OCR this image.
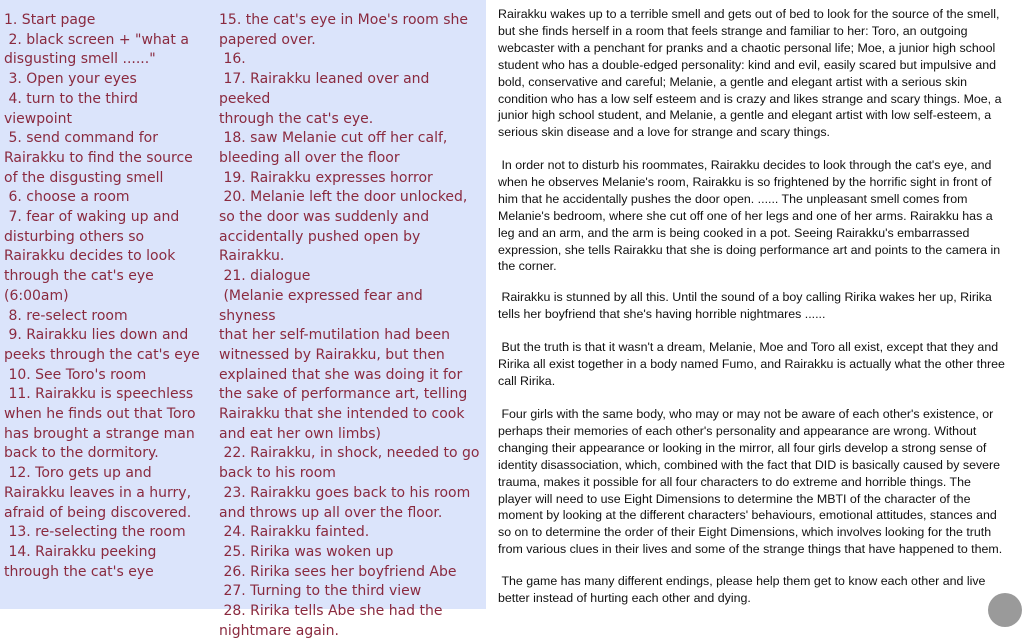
1. Start page
2. black screen + "what a
disgusting smell ......"
3. Open your eyes
4. turn to the third
viewpoint
5. send command for
Rairakku to find the source
of the disgusting smell
6. choose a room
7. fear of waking up and
disturbing others so
Rairakku decides to look
through the cat's eye
(6:00am)
8. re-select room
9. Rairakku lies down and
peeks through the cat's eye
10. See Toro's room
11. Rairakku is speechless
when he finds out that Toro
has brought a strange man
back to the dormitory.
12. Toro gets up and
Rairakku leaves in a hurry,
afraid of being discovered.
13. re-selecting the room
14. Rairakku peeking
through the cat's eye
15. the cat's eye in Moe's room she
papered over.
16.
17. Rairakku leaned over and peeked
through the cat's eye.
18. saw Melanie cut off her calf,
bleeding all over the floor
19. Rairakku expresses horror
20. Melanie left the door unlocked,
so the door was suddenly and
accidentally pushed open by
Rairakku.
21. dialogue
(Melanie expressed fear and shyness
that her self-mutilation had been
witnessed by Rairakku, but then
explained that she was doing it for
the sake of performance art, telling
Rairakku that she intended to cook
and eat her own limbs)
22. Rairakku, in shock, needed to go
back to his room
23. Rairakku goes back to his room
and throws up all over the floor.
24. Rairakku fainted.
25. Ririka was woken up
26. Ririka sees her boyfriend Abe
27. Turning to the third view
28. Ririka tells Abe she had the
nightmare again.
Rairakku wakes up to a terrible smell and gets out of bed to look for the source of the smell,
but she finds herself in a room that feels strange and familiar to her: Toro, an outgoing
webcaster with a penchant for pranks and a chaotic personal life; Moe, a junior high school
student who has a double-edged personality: kind and evil, easily scared but impulsive and
bold, conservative and careful; Melanie, a gentle and elegant artist with a serious skin
condition who has a low self esteem and is crazy and likes strange and scary things. Moe, a
junior high school student, and Melanie, a gentle and elegant artist with low self-esteem, a
serious skin disease and a love for strange and scary things.
In order not to disturb his roommates, Rairakku decides to look through the cat's eye, and
when he observes Melanie's room, Rairakku is so frightened by the horrific sight in front of
him that he accidentally pushes the door open. ...... The unpleasant smell comes from
Melanie's bedroom, where she cut off one of her legs and one of her arms. Rairakku has a
leg and an arm, and the arm is being cooked in a pot. Seeing Rairakku's embarrassed
expression, she tells Rairakku that she is doing performance art and points to the camera in
the corner.
Rairakku is stunned by all this. Until the sound of a boy calling Ririka wakes her up, Ririka
tells her boyfriend that she's having horrible nightmares ......
But the truth is that it wasn't a dream, Melanie, Moe and Toro all exist, except that they and
Ririka all exist together in a body named Fumo, and Rairakku is actually what the other three
call Ririka.
Four girls with the same body, who may or may not be aware of each other's existence, or
perhaps their memories of each other's personality and appearance are wrong. Without
changing their appearance or looking in the mirror, all four girls develop a strong sense of
identity disassociation, which, combined with the fact that DID is basically caused by severe
trauma, makes it possible for all four characters to do extreme and horrible things. The
player will need to use Eight Dimensions to determine the MBTI of the character of the
moment by looking at the different characters' behaviours, emotional attitudes, stances and
so on to determine the order of their Eight Dimensions, which involves looking for the truth
from various clues in their lives and some of the strange things that have happened to them.
The game has many different endings, please help them get to know each other and live
better instead of hurting each other and dying.
